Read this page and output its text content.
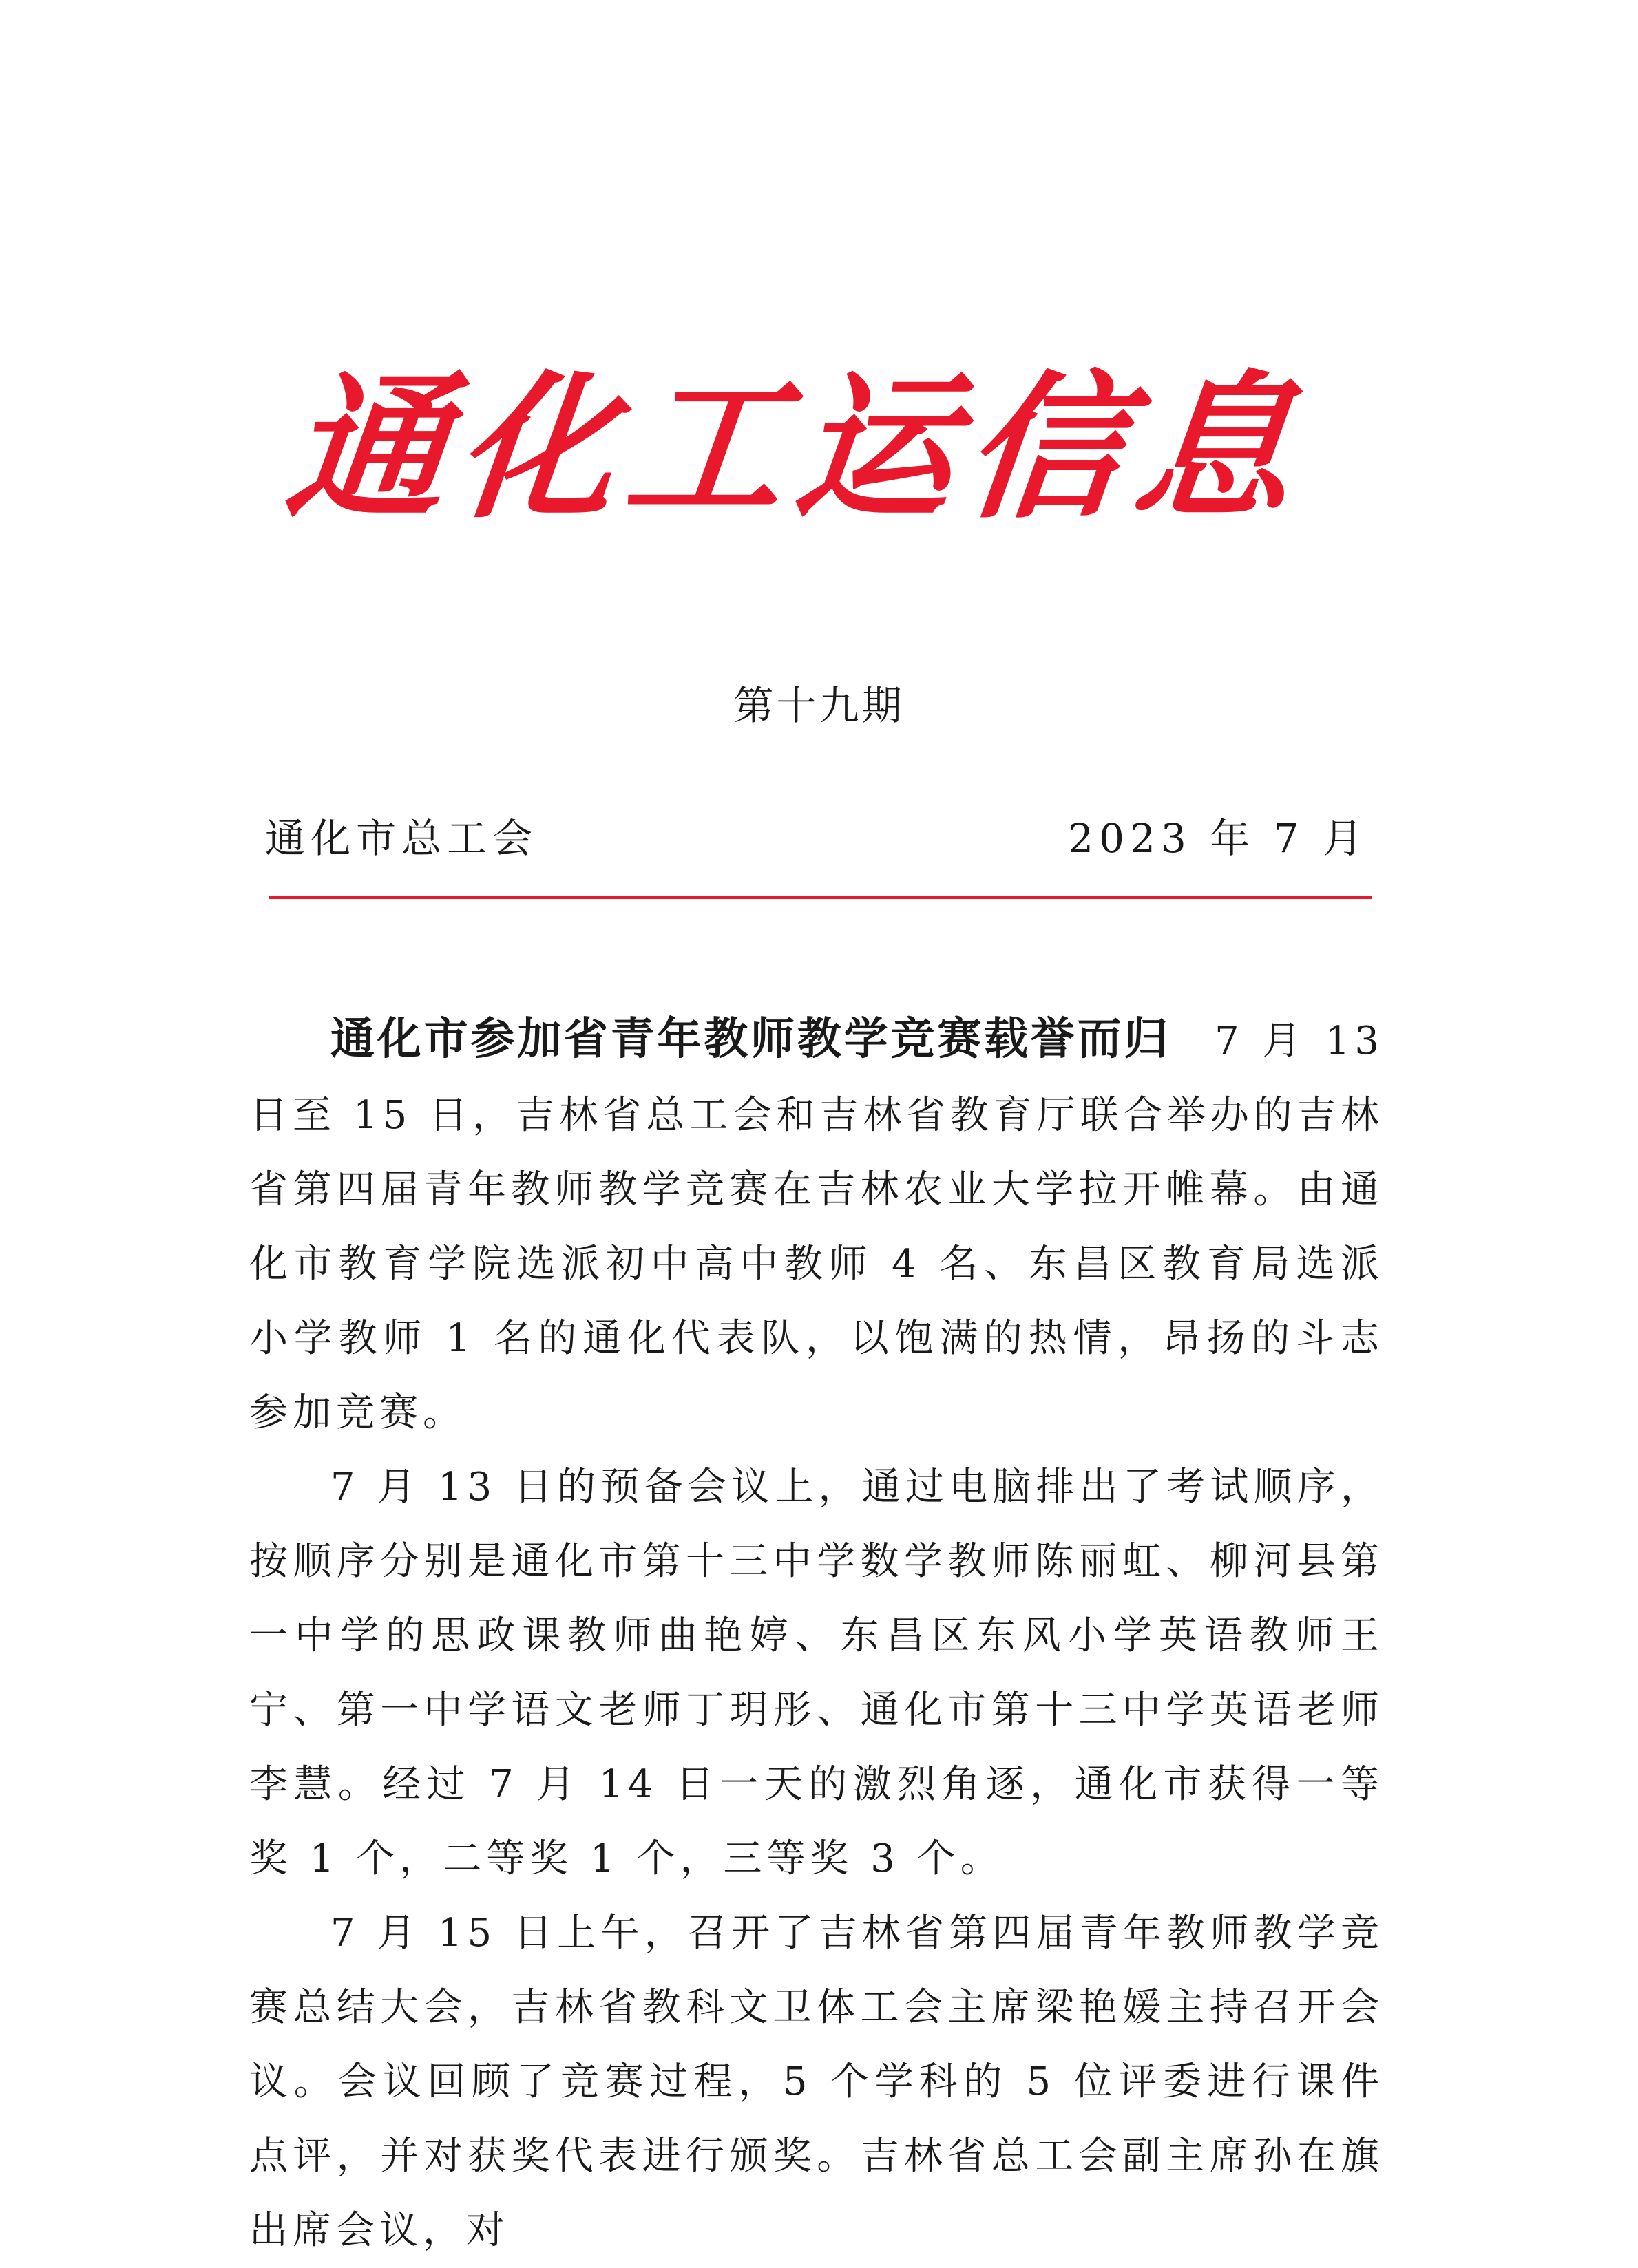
通化工运信息
第十九期
通化市总工会	2023 年 7 月

通化市参加省青年教师教学竞赛载誉而归 7 月 13 日至 15 日，吉林省总工会和吉林省教育厅联合举办的吉林省第四届青年教师教学竞赛在吉林农业大学拉开帷幕。由通化市教育学院选派初中高中教师 4 名、东昌区教育局选派小学教师 1 名的通化代表队，以饱满的热情，昂扬的斗志参加竞赛。

7 月 13 日的预备会议上，通过电脑排出了考试顺序，按顺序分别是通化市第十三中学数学教师陈丽虹、柳河县第一中学的思政课教师曲艳婷、东昌区东风小学英语教师王宁、第一中学语文老师丁玥彤、通化市第十三中学英语老师李慧。经过 7 月 14 日一天的激烈角逐，通化市获得一等奖 1 个，二等奖 1 个，三等奖 3 个。

7 月 15 日上午，召开了吉林省第四届青年教师教学竞赛总结大会，吉林省教科文卫体工会主席梁艳媛主持召开会议。会议回顾了竞赛过程，5 个学科的 5 位评委进行课件点评，并对获奖代表进行颁奖。吉林省总工会副主席孙在旗出席会议，对
